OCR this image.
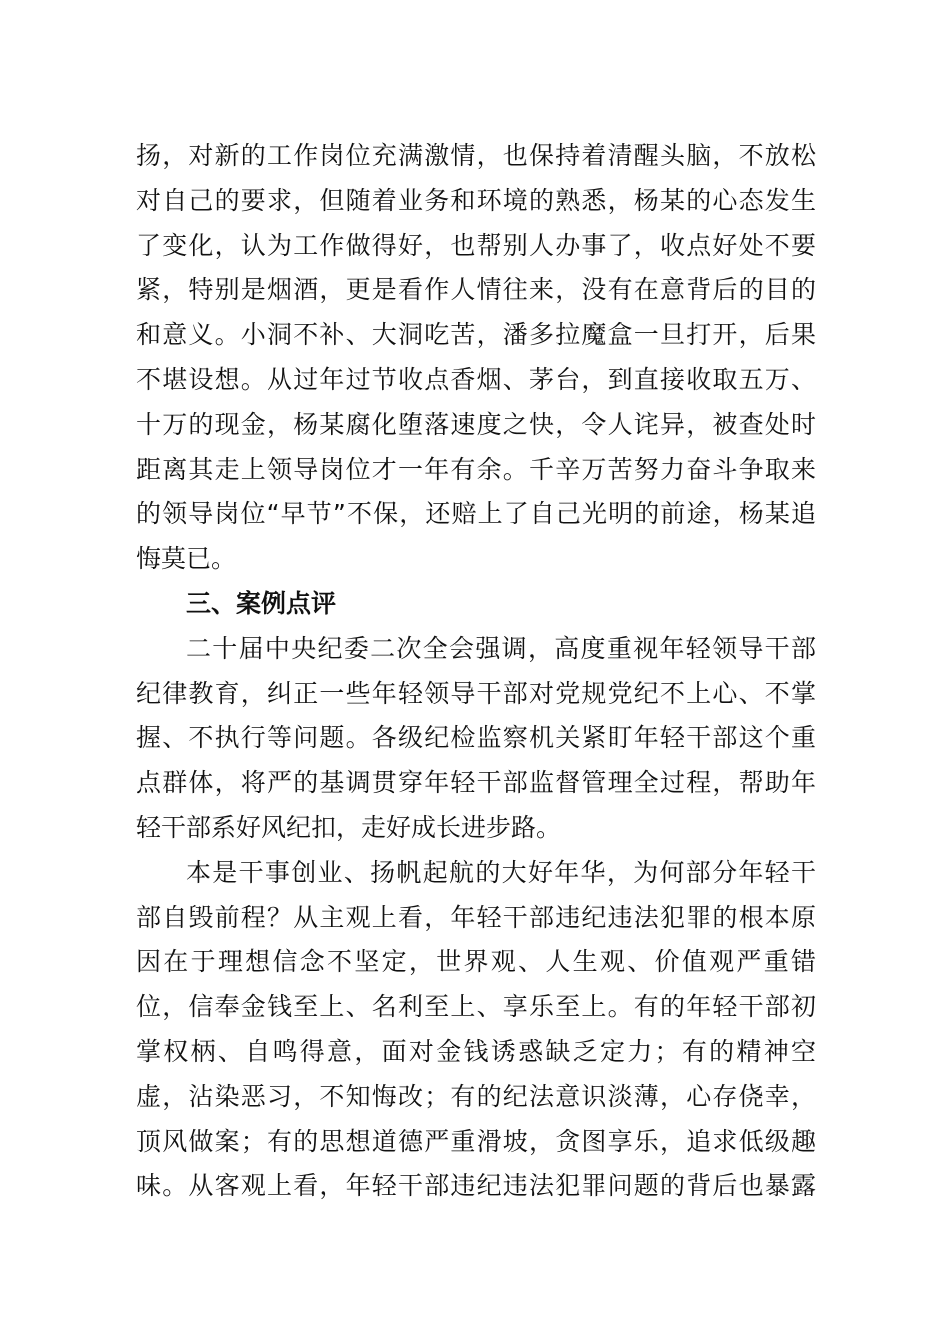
扬，对新的工作岗位充满激情，也保持着清醒头脑，不放松
对自己的要求，但随着业务和环境的熟悉，杨某的心态发生
了变化，认为工作做得好，也帮别人办事了，收点好处不要
紧，特别是烟酒，更是看作人情往来，没有在意背后的目的
和意义。小洞不补、大洞吃苦，潘多拉魔盒一旦打开，后果
不堪设想。从过年过节收点香烟、茅台，到直接收取五万、
十万的现金，杨某腐化堕落速度之快，令人诧异，被查处时
距离其走上领导岗位才一年有余。千辛万苦努力奋斗争取来
的领导岗位“早节”不保，还赔上了自己光明的前途，杨某追
悔莫已。
三、案例点评
二十届中央纪委二次全会强调，高度重视年轻领导干部
纪律教育，纠正一些年轻领导干部对党规党纪不上心、不掌
握、不执行等问题。各级纪检监察机关紧盯年轻干部这个重
点群体，将严的基调贯穿年轻干部监督管理全过程，帮助年
轻干部系好风纪扣，走好成长进步路。
本是干事创业、扬帆起航的大好年华，为何部分年轻干
部自毁前程？从主观上看，年轻干部违纪违法犯罪的根本原
因在于理想信念不坚定，世界观、人生观、价值观严重错
位，信奉金钱至上、名利至上、享乐至上。有的年轻干部初
掌权柄、自鸣得意，面对金钱诱惑缺乏定力；有的精神空
虚，沾染恶习，不知悔改；有的纪法意识淡薄，心存侥幸，
顶风做案；有的思想道德严重滑坡，贪图享乐，追求低级趣
味。从客观上看，年轻干部违纪违法犯罪问题的背后也暴露
